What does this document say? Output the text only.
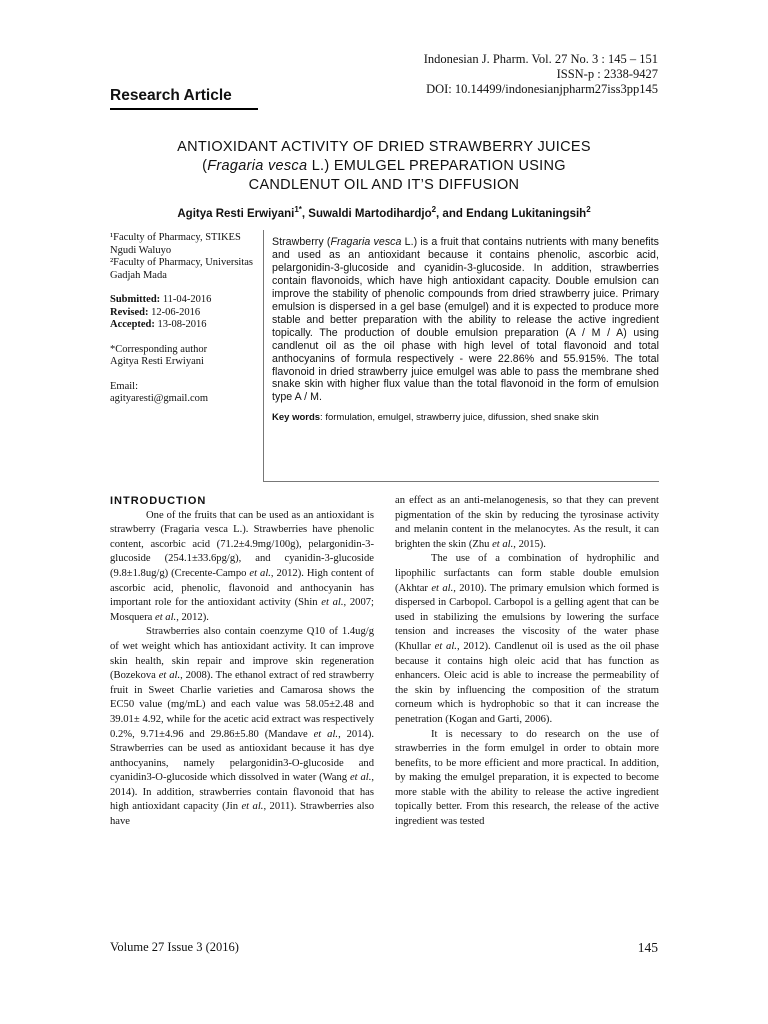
Indonesian J. Pharm. Vol. 27 No. 3 : 145 – 151
ISSN-p : 2338-9427
DOI: 10.14499/indonesianjpharm27iss3pp145
Research Article
ANTIOXIDANT ACTIVITY OF DRIED STRAWBERRY JUICES
(Fragaria vesca L.) EMULGEL PREPARATION USING
CANDLENUT OIL AND IT’S DIFFUSION
Agitya Resti Erwiyani$^{1*}$, Suwaldi Martodihardjo$^2$, and Endang Lukitaningsih$^2$

¹Faculty of Pharmacy, STIKES Ngudi Waluyo

²Faculty of Pharmacy, Universitas Gadjah Mada

Submitted: 11-04-2016

Revised: 12-06-2016

Accepted: 13-08-2016

*Corresponding author

Agitya Resti Erwiyani

Email:

agityaresti@gmail.com

Strawberry (Fragaria vesca L.) is a fruit that contains nutrients with many benefits and used as an antioxidant because it contains phenolic, ascorbic acid, pelargonidin-3-glucoside and cyanidin-3-glucoside. In addition, strawberries contain flavonoids, which have high antioxidant capacity. Double emulsion can improve the stability of phenolic compounds from dried strawberry juice. Primary emulsion is dispersed in a gel base (emulgel) and it is expected to produce more stable and better preparation with the ability to release the active ingredient topically. The production of double emulsion preparation (A / M / A) using candlenut oil as the oil phase with high level of total flavonoid and total anthocyanins of formula respectively - were 22.86% and 55.915%. The total flavonoid in dried strawberry juice emulgel was able to pass the membrane shed snake skin with higher flux value than the total flavonoid in the form of emulsion type A / M.

Key words: formulation, emulgel, strawberry juice, difussion, shed snake skin

INTRODUCTION

One of the fruits that can be used as an antioxidant is strawberry (Fragaria vesca L.). Strawberries have phenolic content, ascorbic acid (71.2±4.9mg/100g), pelargonidin-3-glucoside (254.1±33.6pg/g), and cyanidin-3-glucoside (9.8±1.8ug/g) (Crecente-Campo et al., 2012). High content of ascorbic acid, phenolic, flavonoid and anthocyanin has important role for the antioxidant activity (Shin et al., 2007; Mosquera et al., 2012).

Strawberries also contain coenzyme Q10 of 1.4ug/g of wet weight which has antioxidant activity. It can improve skin health, skin repair and improve skin regeneration (Bozekova et al., 2008). The ethanol extract of red strawberry fruit in Sweet Charlie varieties and Camarosa shows the EC50 value (mg/mL) and each value was 58.05±2.48 and 39.01± 4.92, while for the acetic acid extract was respectively 0.2%, 9.71±4.96 and 29.86±5.80 (Mandave et al., 2014). Strawberries can be used as antioxidant because it has dye anthocyanins, namely pelargonidin3-O-glucoside and cyanidin3-O-glucoside which dissolved in water (Wang et al., 2014). In addition, strawberries contain flavonoid that has high antioxidant capacity (Jin et al., 2011). Strawberries also have

an effect as an anti-melanogenesis, so that they can prevent pigmentation of the skin by reducing the tyrosinase activity and melanin content in the melanocytes. As the result, it can brighten the skin (Zhu et al., 2015).

The use of a combination of hydrophilic and lipophilic surfactants can form stable double emulsion (Akhtar et al., 2010). The primary emulsion which formed is dispersed in Carbopol. Carbopol is a gelling agent that can be used in stabilizing the emulsions by lowering the surface tension and increases the viscosity of the water phase (Khullar et al., 2012). Candlenut oil is used as the oil phase because it contains high oleic acid that has function as enhancers. Oleic acid is able to increase the permeability of the skin by influencing the composition of the stratum corneum which is hydrophobic so that it can increase the penetration (Kogan and Garti, 2006).

It is necessary to do research on the use of strawberries in the form emulgel in order to obtain more benefits, to be more efficient and more practical. In addition, by making the emulgel preparation, it is expected to become more stable with the ability to release the active ingredient topically better. From this research, the release of the active ingredient was tested

Volume 27 Issue 3 (2016)	145
